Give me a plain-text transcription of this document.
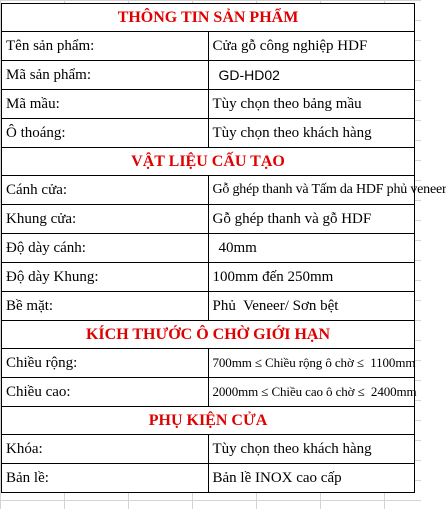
THÔNG TIN SẢN PHẨM	
Tên sản phẩm:	Cửa gỗ công nghiệp HDF
Mã sản phẩm:	GD-HD02
Mã mầu:	Tùy chọn theo bảng mầu
Ô thoáng:	Tùy chọn theo khách hàng
VẬT LIỆU CẤU TẠO	
Cánh cửa:	Gỗ ghép thanh và Tấm da HDF phủ veneer
Khung cửa:	Gỗ ghép thanh và gỗ HDF
Độ dày cánh:	40mm
Độ dày Khung:	100mm đến 250mm
Bề mặt:	Phủ  Veneer/ Sơn bệt
KÍCH THƯỚC Ô CHỜ GIỚI HẠN	
Chiều rộng:	700mm ≤ Chiều rộng ô chờ ≤  1100mm
Chiều cao:	2000mm ≤ Chiều cao ô chờ ≤  2400mm
PHỤ KIỆN CỬA	
Khóa:	Tùy chọn theo khách hàng
Bản lề:	Bản lề INOX cao cấp
